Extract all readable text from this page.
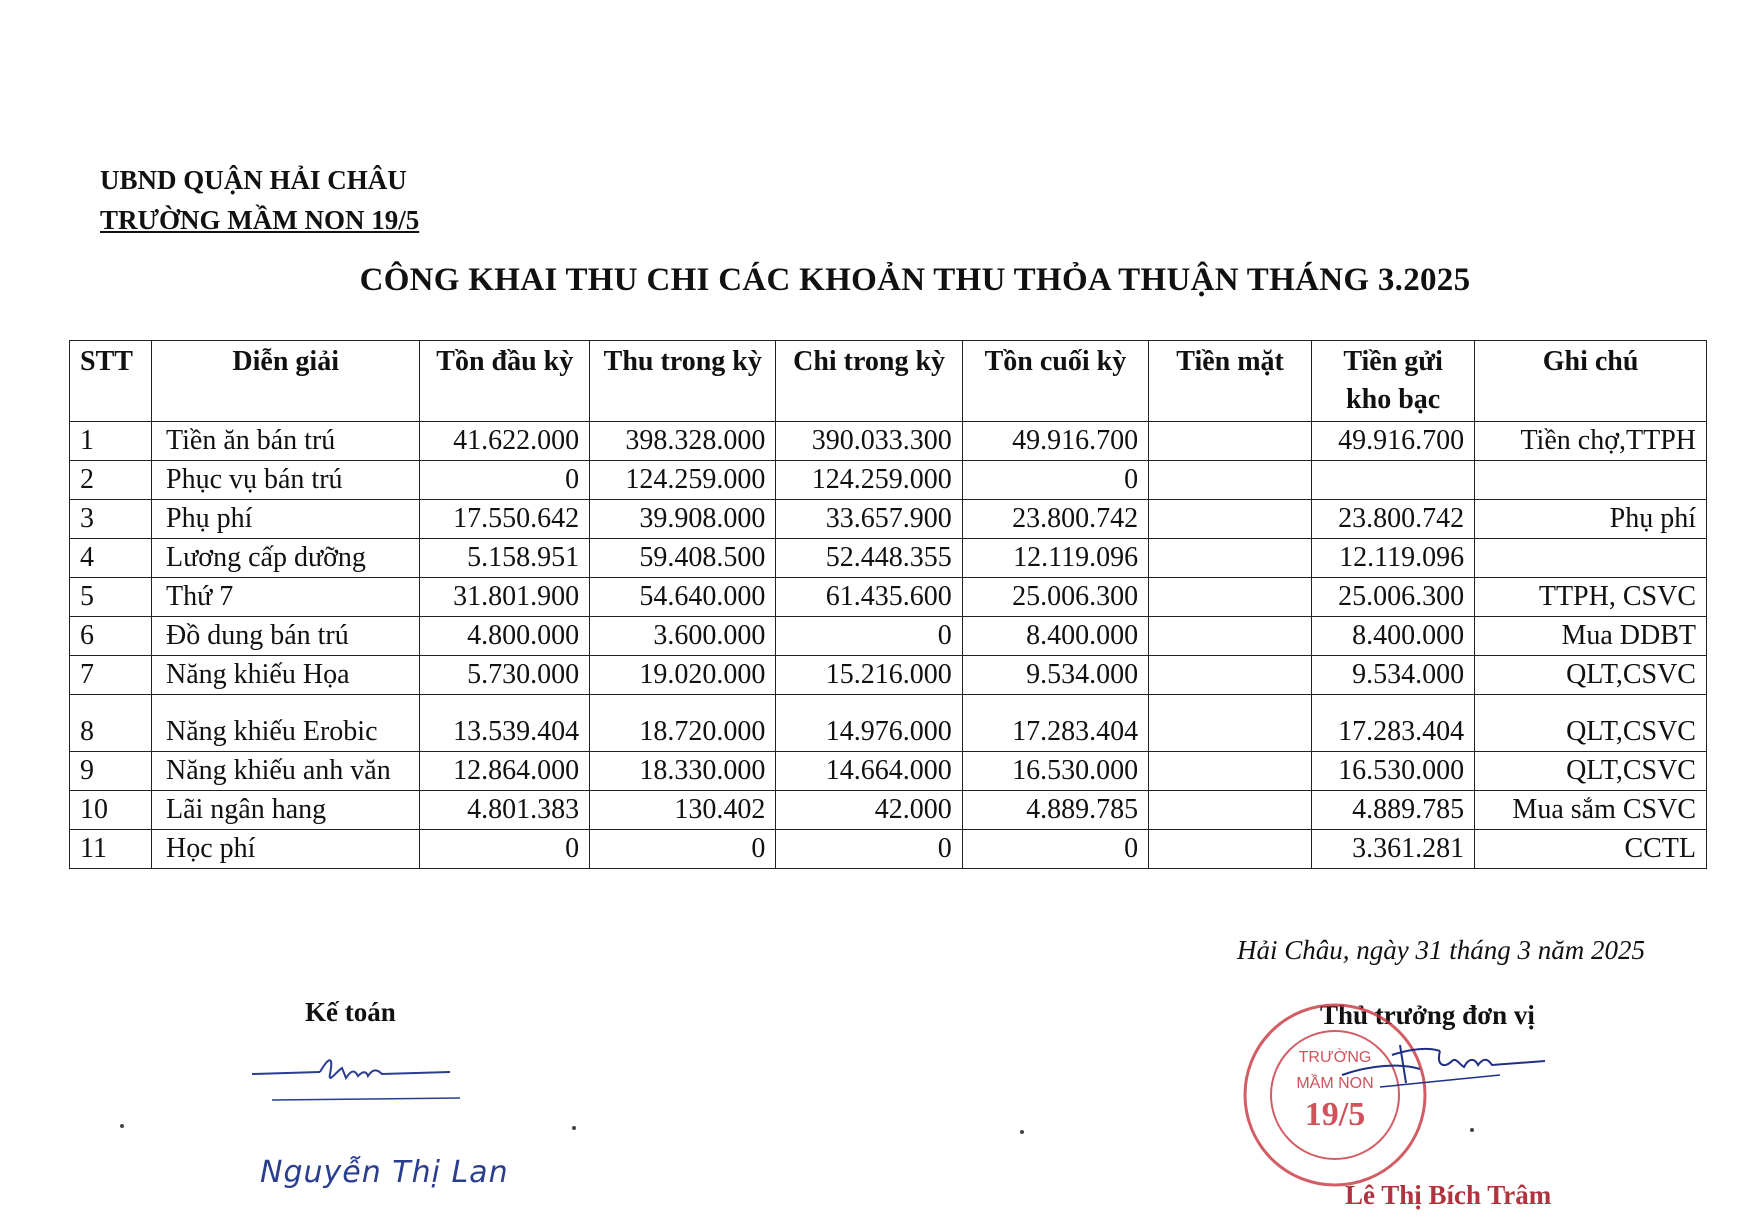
UBND QUẬN HẢI CHÂU
TRƯỜNG MẦM NON 19/5
CÔNG KHAI THU CHI CÁC KHOẢN THU THỎA THUẬN THÁNG 3.2025
STT	Diễn giải	Tồn đầu kỳ	Thu trong kỳ	Chi trong kỳ	Tồn cuối kỳ	Tiền mặt	Tiền gửi kho bạc	Ghi chú
1	Tiền ăn bán trú	41.622.000	398.328.000	390.033.300	49.916.700		49.916.700	Tiền chợ,TTPH
2	Phục vụ bán trú	0	124.259.000	124.259.000	0			
3	Phụ phí	17.550.642	39.908.000	33.657.900	23.800.742		23.800.742	Phụ phí
4	Lương cấp dưỡng	5.158.951	59.408.500	52.448.355	12.119.096		12.119.096	
5	Thứ 7	31.801.900	54.640.000	61.435.600	25.006.300		25.006.300	TTPH, CSVC
6	Đồ dung bán trú	4.800.000	3.600.000	0	8.400.000		8.400.000	Mua DDBT
7	Năng khiếu Họa	5.730.000	19.020.000	15.216.000	9.534.000		9.534.000	QLT,CSVC
8	Năng khiếu Erobic	13.539.404	18.720.000	14.976.000	17.283.404		17.283.404	QLT,CSVC
9	Năng khiếu anh văn	12.864.000	18.330.000	14.664.000	16.530.000		16.530.000	QLT,CSVC
10	Lãi ngân hang	4.801.383	130.402	42.000	4.889.785		4.889.785	Mua sắm CSVC
11	Học phí	0	0	0	0		3.361.281	CCTL
Hải Châu, ngày 31 tháng 3 năm 2025
Kế toán
Nguyễn Thị Lan
Thủ trưởng đơn vị
TRƯỜNG
MẦM NON
19/5
Lê Thị Bích Trâm
